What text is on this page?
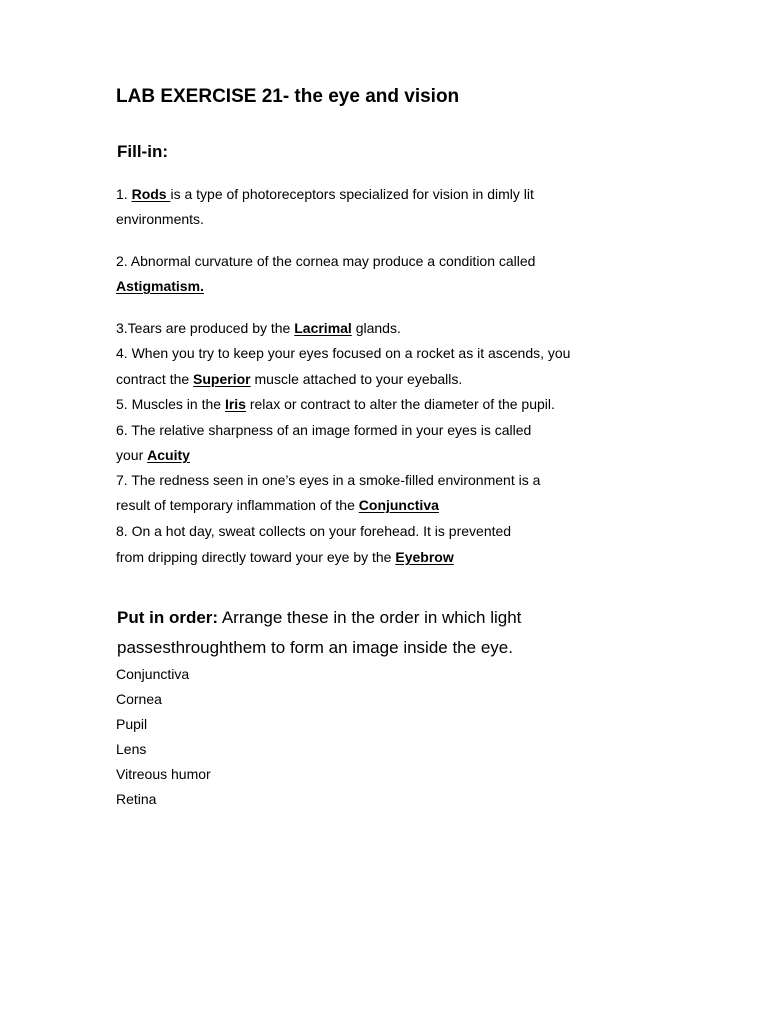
LAB EXERCISE 21- the eye and vision
Fill-in:
1. Rods is a type of photoreceptors specialized for vision in dimly lit
environments.
2. Abnormal curvature of the cornea may produce a condition called
Astigmatism.
3.Tears are produced by the Lacrimal glands.
4. When you try to keep your eyes focused on a rocket as it ascends, you
contract the Superior muscle attached to your eyeballs.
5. Muscles in the Iris relax or contract to alter the diameter of the pupil.
6. The relative sharpness of an image formed in your eyes is called
your Acuity
7. The redness seen in one’s eyes in a smoke-filled environment is a
result of temporary inflammation of the Conjunctiva
8. On a hot day, sweat collects on your forehead. It is prevented
from dripping directly toward your eye by the Eyebrow
Put in order: Arrange these in the order in which light
passesthroughthem to form an image inside the eye.
Conjunctiva
Cornea
Pupil
Lens
Vitreous humor
Retina
